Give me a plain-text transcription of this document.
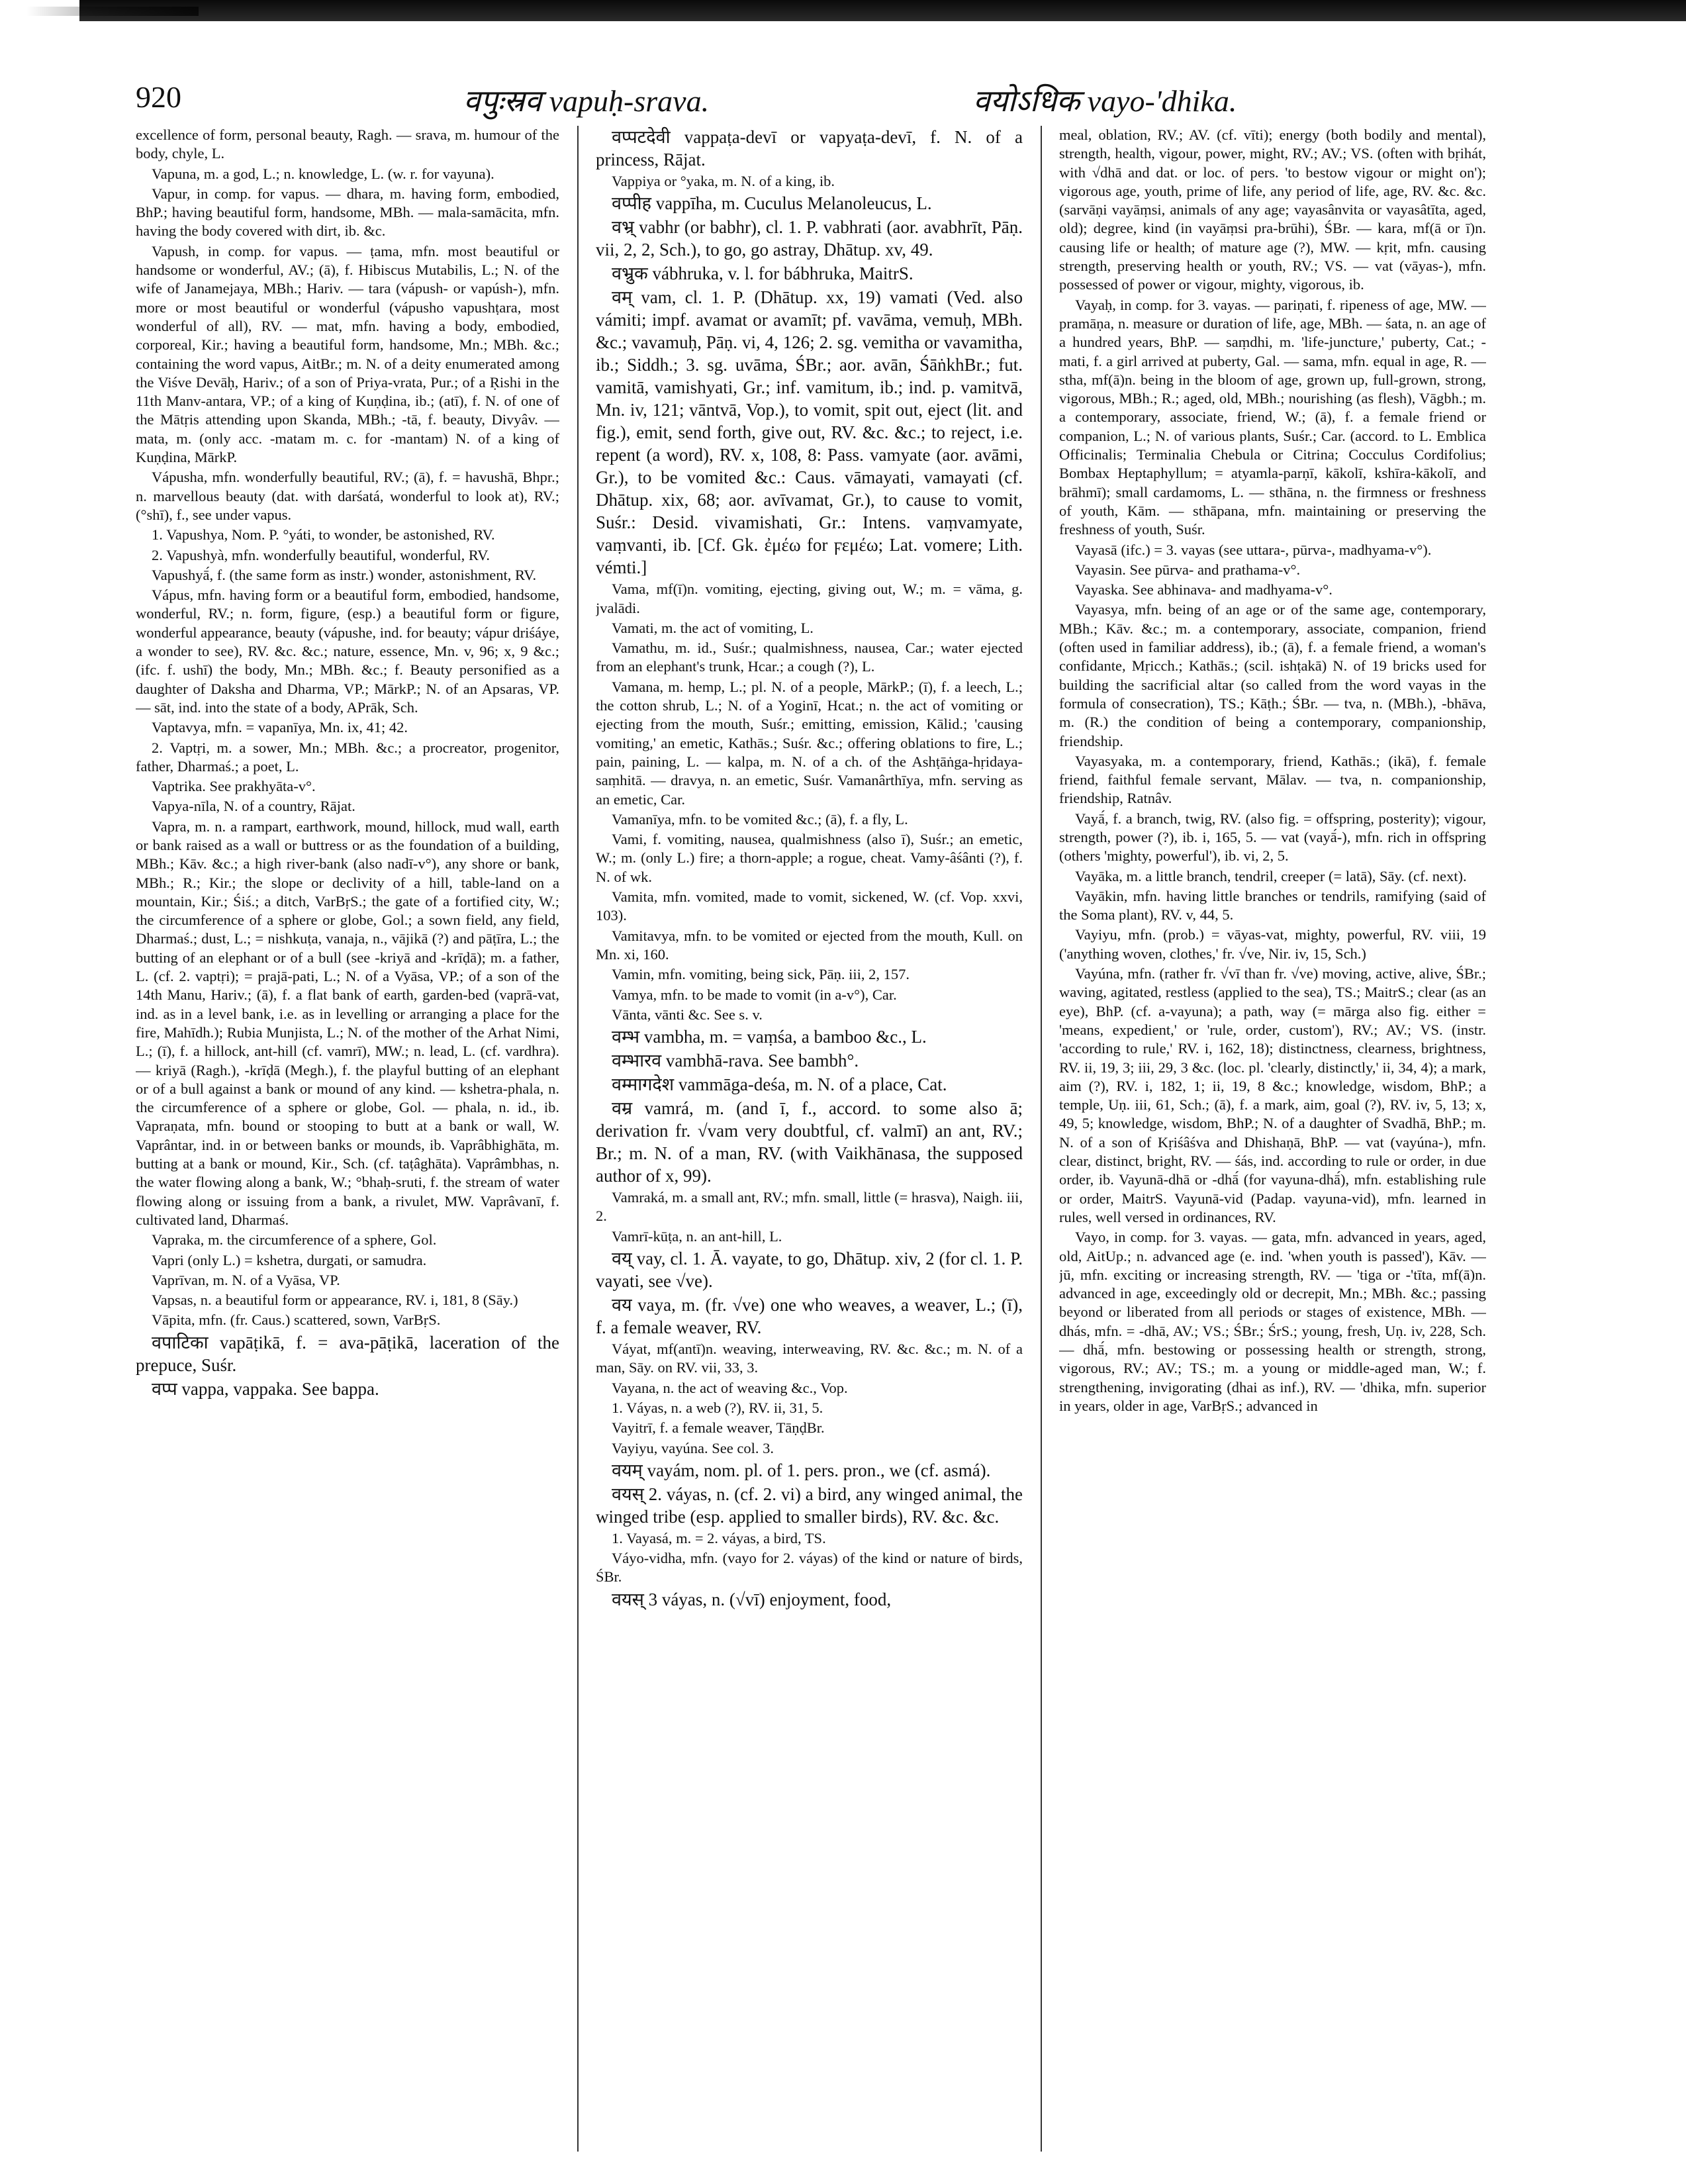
920	वपुःस्रव vapuḥ-srava.	वयोऽधिक vayo-'dhika.

excellence of form, personal beauty, Ragh. — srava, m. humour of the body, chyle, L.

Vapuna, m. a god, L.; n. knowledge, L. (w. r. for vayuna).

Vapur, in comp. for vapus. — dhara, m. having form, embodied, BhP.; having beautiful form, handsome, MBh. — mala-samācita, mfn. having the body covered with dirt, ib. &c.

Vapush, in comp. for vapus. — ṭama, mfn. most beautiful or handsome or wonderful, AV.; (ā), f. Hibiscus Mutabilis, L.; N. of the wife of Janamejaya, MBh.; Hariv. — tara (vápush- or vapúsh-), mfn. more or most beautiful or wonderful (vápusho vapushṭara, most wonderful of all), RV. — mat, mfn. having a body, embodied, corporeal, Kir.; having a beautiful form, handsome, Mn.; MBh. &c.; containing the word vapus, AitBr.; m. N. of a deity enumerated among the Viśve Devāḥ, Hariv.; of a son of Priya-vrata, Pur.; of a Ṛishi in the 11th Manv-antara, VP.; of a king of Kuṇḍina, ib.; (atī), f. N. of one of the Mātṛis attending upon Skanda, MBh.; -tā, f. beauty, Divyâv. — mata, m. (only acc. -matam m. c. for -mantam) N. of a king of Kuṇḍina, MārkP.

Vápusha, mfn. wonderfully beautiful, RV.; (ā), f. = havushā, Bhpr.; n. marvellous beauty (dat. with darśatá, wonderful to look at), RV.; (°shī), f., see under vapus.

1. Vapushya, Nom. P. °yáti, to wonder, be astonished, RV.

2. Vapushyà, mfn. wonderfully beautiful, wonderful, RV.

Vapushyā́, f. (the same form as instr.) wonder, astonishment, RV.

Vápus, mfn. having form or a beautiful form, embodied, handsome, wonderful, RV.; n. form, figure, (esp.) a beautiful form or figure, wonderful appearance, beauty (vápushe, ind. for beauty; vápur driśáye, a wonder to see), RV. &c. &c.; nature, essence, Mn. v, 96; x, 9 &c.; (ifc. f. ushī) the body, Mn.; MBh. &c.; f. Beauty personified as a daughter of Daksha and Dharma, VP.; MārkP.; N. of an Apsaras, VP. — sāt, ind. into the state of a body, APrāk, Sch.

Vaptavya, mfn. = vapanīya, Mn. ix, 41; 42.

2. Vaptṛi, m. a sower, Mn.; MBh. &c.; a procreator, progenitor, father, Dharmaś.; a poet, L.

Vaptrika. See prakhyāta-v°.

Vapya-nīla, N. of a country, Rājat.

Vapra, m. n. a rampart, earthwork, mound, hillock, mud wall, earth or bank raised as a wall or buttress or as the foundation of a building, MBh.; Kāv. &c.; a high river-bank (also nadī-v°), any shore or bank, MBh.; R.; Kir.; the slope or declivity of a hill, table-land on a mountain, Kir.; Śiś.; a ditch, VarBṛS.; the gate of a fortified city, W.; the circumference of a sphere or globe, Gol.; a sown field, any field, Dharmaś.; dust, L.; = nishkuṭa, vanaja, n., vājikā (?) and pāṭīra, L.; the butting of an elephant or of a bull (see -kriyā and -krīḍā); m. a father, L. (cf. 2. vaptṛi); = prajā-pati, L.; N. of a Vyāsa, VP.; of a son of the 14th Manu, Hariv.; (ā), f. a flat bank of earth, garden-bed (vaprā-vat, ind. as in a level bank, i.e. as in levelling or arranging a place for the fire, Mahīdh.); Rubia Munjista, L.; N. of the mother of the Arhat Nimi, L.; (ī), f. a hillock, ant-hill (cf. vamrī), MW.; n. lead, L. (cf. vardhra). — kriyā (Ragh.), -krīḍā (Megh.), f. the playful butting of an elephant or of a bull against a bank or mound of any kind. — kshetra-phala, n. the circumference of a sphere or globe, Gol. — phala, n. id., ib. Vapraṇata, mfn. bound or stooping to butt at a bank or wall, W. Vaprântar, ind. in or between banks or mounds, ib. Vaprâbhighāta, m. butting at a bank or mound, Kir., Sch. (cf. taṭâghāta). Vaprâmbhas, n. the water flowing along a bank, W.; °bhaḥ-sruti, f. the stream of water flowing along or issuing from a bank, a rivulet, MW. Vaprâvanī, f. cultivated land, Dharmaś.

Vapraka, m. the circumference of a sphere, Gol.

Vapri (only L.) = kshetra, durgati, or samudra.

Vaprīvan, m. N. of a Vyāsa, VP.

Vapsas, n. a beautiful form or appearance, RV. i, 181, 8 (Sāy.)

Vāpita, mfn. (fr. Caus.) scattered, sown, VarBṛS.

वपाटिका vapāṭikā, f. = ava-pāṭikā, laceration of the prepuce, Suśr.

वप्प vappa, vappaka. See bappa.

वप्पटदेवी vappaṭa-devī or vapyaṭa-devī, f. N. of a princess, Rājat.

Vappiya or °yaka, m. N. of a king, ib.

वप्पीह vappīha, m. Cuculus Melanoleucus, L.

वभ्र् vabhr (or babhr), cl. 1. P. vabhrati (aor. avabhrīt, Pāṇ. vii, 2, 2, Sch.), to go, go astray, Dhātup. xv, 49.

वभ्रुक vábhruka, v. l. for bábhruka, MaitrS.

वम् vam, cl. 1. P. (Dhātup. xx, 19) vamati (Ved. also vámiti; impf. avamat or avamīt; pf. vavāma, vemuḥ, MBh. &c.; vavamuḥ, Pāṇ. vi, 4, 126; 2. sg. vemitha or vavamitha, ib.; Siddh.; 3. sg. uvāma, ŚBr.; aor. avān, ŚāṅkhBr.; fut. vamitā, vamishyati, Gr.; inf. vamitum, ib.; ind. p. vamitvā, Mn. iv, 121; vāntvā, Vop.), to vomit, spit out, eject (lit. and fig.), emit, send forth, give out, RV. &c. &c.; to reject, i.e. repent (a word), RV. x, 108, 8: Pass. vamyate (aor. avāmi, Gr.), to be vomited &c.: Caus. vāmayati, vamayati (cf. Dhātup. xix, 68; aor. avīvamat, Gr.), to cause to vomit, Suśr.: Desid. vivamishati, Gr.: Intens. vaṃvamyate, vaṃvanti, ib. [Cf. Gk. ἐμέω for ϝεμέω; Lat. vomere; Lith. vémti.]

Vama, mf(ī)n. vomiting, ejecting, giving out, W.; m. = vāma, g. jvalādi.

Vamati, m. the act of vomiting, L.

Vamathu, m. id., Suśr.; qualmishness, nausea, Car.; water ejected from an elephant's trunk, Hcar.; a cough (?), L.

Vamana, m. hemp, L.; pl. N. of a people, MārkP.; (ī), f. a leech, L.; the cotton shrub, L.; N. of a Yoginī, Hcat.; n. the act of vomiting or ejecting from the mouth, Suśr.; emitting, emission, Kālid.; 'causing vomiting,' an emetic, Kathās.; Suśr. &c.; offering oblations to fire, L.; pain, paining, L. — kalpa, m. N. of a ch. of the Ashṭāṅga-hṛidaya-saṃhitā. — dravya, n. an emetic, Suśr. Vamanârthīya, mfn. serving as an emetic, Car.

Vamanīya, mfn. to be vomited &c.; (ā), f. a fly, L.

Vami, f. vomiting, nausea, qualmishness (also ī), Suśr.; an emetic, W.; m. (only L.) fire; a thorn-apple; a rogue, cheat. Vamy-âśânti (?), f. N. of wk.

Vamita, mfn. vomited, made to vomit, sickened, W. (cf. Vop. xxvi, 103).

Vamitavya, mfn. to be vomited or ejected from the mouth, Kull. on Mn. xi, 160.

Vamin, mfn. vomiting, being sick, Pāṇ. iii, 2, 157.

Vamya, mfn. to be made to vomit (in a-v°), Car.

Vānta, vānti &c. See s. v.

वम्भ vambha, m. = vaṃśa, a bamboo &c., L.

वम्भारव vambhā-rava. See bambh°.

वम्मागदेश vammāga-deśa, m. N. of a place, Cat.

वम्र vamrá, m. (and ī, f., accord. to some also ā; derivation fr. √vam very doubtful, cf. valmī) an ant, RV.; Br.; m. N. of a man, RV. (with Vaikhānasa, the supposed author of x, 99).

Vamraká, m. a small ant, RV.; mfn. small, little (= hrasva), Naigh. iii, 2.

Vamrī-kūṭa, n. an ant-hill, L.

वय् vay, cl. 1. Ā. vayate, to go, Dhātup. xiv, 2 (for cl. 1. P. vayati, see √ve).

वय vaya, m. (fr. √ve) one who weaves, a weaver, L.; (ī), f. a female weaver, RV.

Váyat, mf(antī)n. weaving, interweaving, RV. &c. &c.; m. N. of a man, Sāy. on RV. vii, 33, 3.

Vayana, n. the act of weaving &c., Vop.

1. Váyas, n. a web (?), RV. ii, 31, 5.

Vayitrī, f. a female weaver, TāṇḍBr.

Vayiyu, vayúna. See col. 3.

वयम् vayám, nom. pl. of 1. pers. pron., we (cf. asmá).

वयस् 2. váyas, n. (cf. 2. vi) a bird, any winged animal, the winged tribe (esp. applied to smaller birds), RV. &c. &c.

1. Vayasá, m. = 2. váyas, a bird, TS.

Váyo-vidha, mfn. (vayo for 2. váyas) of the kind or nature of birds, ŚBr.

वयस् 3 váyas, n. (√vī) enjoyment, food,

meal, oblation, RV.; AV. (cf. vīti); energy (both bodily and mental), strength, health, vigour, power, might, RV.; AV.; VS. (often with bṛihát, with √dhā and dat. or loc. of pers. 'to bestow vigour or might on'); vigorous age, youth, prime of life, any period of life, age, RV. &c. &c. (sarvāṇi vayāṃsi, animals of any age; vayasânvita or vayasâtīta, aged, old); degree, kind (in vayāṃsi pra-brūhi), ŚBr. — kara, mf(ā or ī)n. causing life or health; of mature age (?), MW. — kṛit, mfn. causing strength, preserving health or youth, RV.; VS. — vat (vāyas-), mfn. possessed of power or vigour, mighty, vigorous, ib.

Vayaḥ, in comp. for 3. vayas. — pariṇati, f. ripeness of age, MW. — pramāṇa, n. measure or duration of life, age, MBh. — śata, n. an age of a hundred years, BhP. — saṃdhi, m. 'life-juncture,' puberty, Cat.; -mati, f. a girl arrived at puberty, Gal. — sama, mfn. equal in age, R. — stha, mf(ā)n. being in the bloom of age, grown up, full-grown, strong, vigorous, MBh.; R.; aged, old, MBh.; nourishing (as flesh), Vāgbh.; m. a contemporary, associate, friend, W.; (ā), f. a female friend or companion, L.; N. of various plants, Suśr.; Car. (accord. to L. Emblica Officinalis; Terminalia Chebula or Citrina; Cocculus Cordifolius; Bombax Heptaphyllum; = atyamla-parṇī, kākolī, kshīra-kākolī, and brāhmī); small cardamoms, L. — sthāna, n. the firmness or freshness of youth, Kām. — sthāpana, mfn. maintaining or preserving the freshness of youth, Suśr.

Vayasā (ifc.) = 3. vayas (see uttara-, pūrva-, madhyama-v°).

Vayasin. See pūrva- and prathama-v°.

Vayaska. See abhinava- and madhyama-v°.

Vayasya, mfn. being of an age or of the same age, contemporary, MBh.; Kāv. &c.; m. a contemporary, associate, companion, friend (often used in familiar address), ib.; (ā), f. a female friend, a woman's confidante, Mṛicch.; Kathās.; (scil. ishṭakā) N. of 19 bricks used for building the sacrificial altar (so called from the word vayas in the formula of consecration), TS.; Kāṭh.; ŚBr. — tva, n. (MBh.), -bhāva, m. (R.) the condition of being a contemporary, companionship, friendship.

Vayasyaka, m. a contemporary, friend, Kathās.; (ikā), f. female friend, faithful female servant, Mālav. — tva, n. companionship, friendship, Ratnâv.

Vayā́, f. a branch, twig, RV. (also fig. = offspring, posterity); vigour, strength, power (?), ib. i, 165, 5. — vat (vayā́-), mfn. rich in offspring (others 'mighty, powerful'), ib. vi, 2, 5.

Vayāka, m. a little branch, tendril, creeper (= latā), Sāy. (cf. next).

Vayākin, mfn. having little branches or tendrils, ramifying (said of the Soma plant), RV. v, 44, 5.

Vayiyu, mfn. (prob.) = vāyas-vat, mighty, powerful, RV. viii, 19 ('anything woven, clothes,' fr. √ve, Nir. iv, 15, Sch.)

Vayúna, mfn. (rather fr. √vī than fr. √ve) moving, active, alive, ŚBr.; waving, agitated, restless (applied to the sea), TS.; MaitrS.; clear (as an eye), BhP. (cf. a-vayuna); a path, way (= mārga also fig. either = 'means, expedient,' or 'rule, order, custom'), RV.; AV.; VS. (instr. 'according to rule,' RV. i, 162, 18); distinctness, clearness, brightness, RV. ii, 19, 3; iii, 29, 3 &c. (loc. pl. 'clearly, distinctly,' ii, 34, 4); a mark, aim (?), RV. i, 182, 1; ii, 19, 8 &c.; knowledge, wisdom, BhP.; a temple, Uṇ. iii, 61, Sch.; (ā), f. a mark, aim, goal (?), RV. iv, 5, 13; x, 49, 5; knowledge, wisdom, BhP.; N. of a daughter of Svadhā, BhP.; m. N. of a son of Kṛiśâśva and Dhishaṇā, BhP. — vat (vayúna-), mfn. clear, distinct, bright, RV. — śás, ind. according to rule or order, in due order, ib. Vayunā-dhā or -dhā́ (for vayuna-dhā́), mfn. establishing rule or order, MaitrS. Vayunā-vid (Padap. vayuna-vid), mfn. learned in rules, well versed in ordinances, RV.

Vayo, in comp. for 3. vayas. — gata, mfn. advanced in years, aged, old, AitUp.; n. advanced age (e. ind. 'when youth is passed'), Kāv. — jū, mfn. exciting or increasing strength, RV. — 'tiga or -'tīta, mf(ā)n. advanced in age, exceedingly old or decrepit, Mn.; MBh. &c.; passing beyond or liberated from all periods or stages of existence, MBh. — dhás, mfn. = -dhā, AV.; VS.; ŚBr.; ŚrS.; young, fresh, Uṇ. iv, 228, Sch. — dhā́, mfn. bestowing or possessing health or strength, strong, vigorous, RV.; AV.; TS.; m. a young or middle-aged man, W.; f. strengthening, invigorating (dhai as inf.), RV. — 'dhika, mfn. superior in years, older in age, VarBṛS.; advanced in
